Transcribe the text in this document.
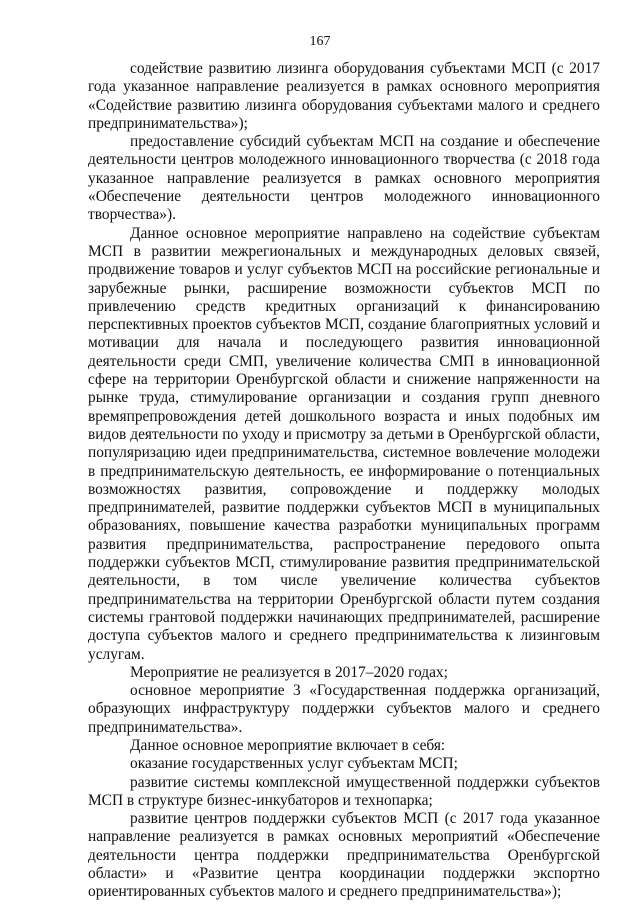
167

содействие развитию лизинга оборудования субъектами МСП (с 2017 года указанное направление реализуется в рамках основного мероприятия «Содействие развитию лизинга оборудования субъектами малого и среднего предпринимательства»);

предоставление субсидий субъектам МСП на создание и обеспечение деятельности центров молодежного инновационного творчества (с 2018 года указанное направление реализуется в рамках основного мероприятия «Обеспечение деятельности центров молодежного инновационного творчества»).

Данное основное мероприятие направлено на содействие субъектам МСП в развитии межрегиональных и международных деловых связей, продвижение товаров и услуг субъектов МСП на российские региональные и зарубежные рынки, расширение возможности субъектов МСП по привлечению средств кредитных организаций к финансированию перспективных проектов субъектов МСП, создание благоприятных условий и мотивации для начала и последующего развития инновационной деятельности среди СМП, увеличение количества СМП в инновационной сфере на территории Оренбургской области и снижение напряженности на рынке труда, стимулирование организации и создания групп дневного времяпрепровождения детей дошкольного возраста и иных подобных им видов деятельности по уходу и присмотру за детьми в Оренбургской области, популяризацию идеи предпринимательства, системное вовлечение молодежи в предпринимательскую деятельность, ее информирование о потенциальных возможностях развития, сопровождение и поддержку молодых предпринимателей, развитие поддержки субъектов МСП в муниципальных образованиях, повышение качества разработки муниципальных программ развития предпринимательства, распространение передового опыта поддержки субъектов МСП, стимулирование развития предпринимательской деятельности, в том числе увеличение количества субъектов предпринимательства на территории Оренбургской области путем создания системы грантовой поддержки начинающих предпринимателей, расширение доступа субъектов малого и среднего предпринимательства к лизинговым услугам.

Мероприятие не реализуется в 2017–2020 годах;

основное мероприятие 3 «Государственная поддержка организаций, образующих инфраструктуру поддержки субъектов малого и среднего предпринимательства».

Данное основное мероприятие включает в себя:

оказание государственных услуг субъектам МСП;

развитие системы комплексной имущественной поддержки субъектов МСП в структуре бизнес-инкубаторов и технопарка;

развитие центров поддержки субъектов МСП (с 2017 года указанное направление реализуется в рамках основных мероприятий «Обеспечение деятельности центра поддержки предпринимательства Оренбургской области» и «Развитие центра координации поддержки экспортно ориентированных субъектов малого и среднего предпринимательства»);
